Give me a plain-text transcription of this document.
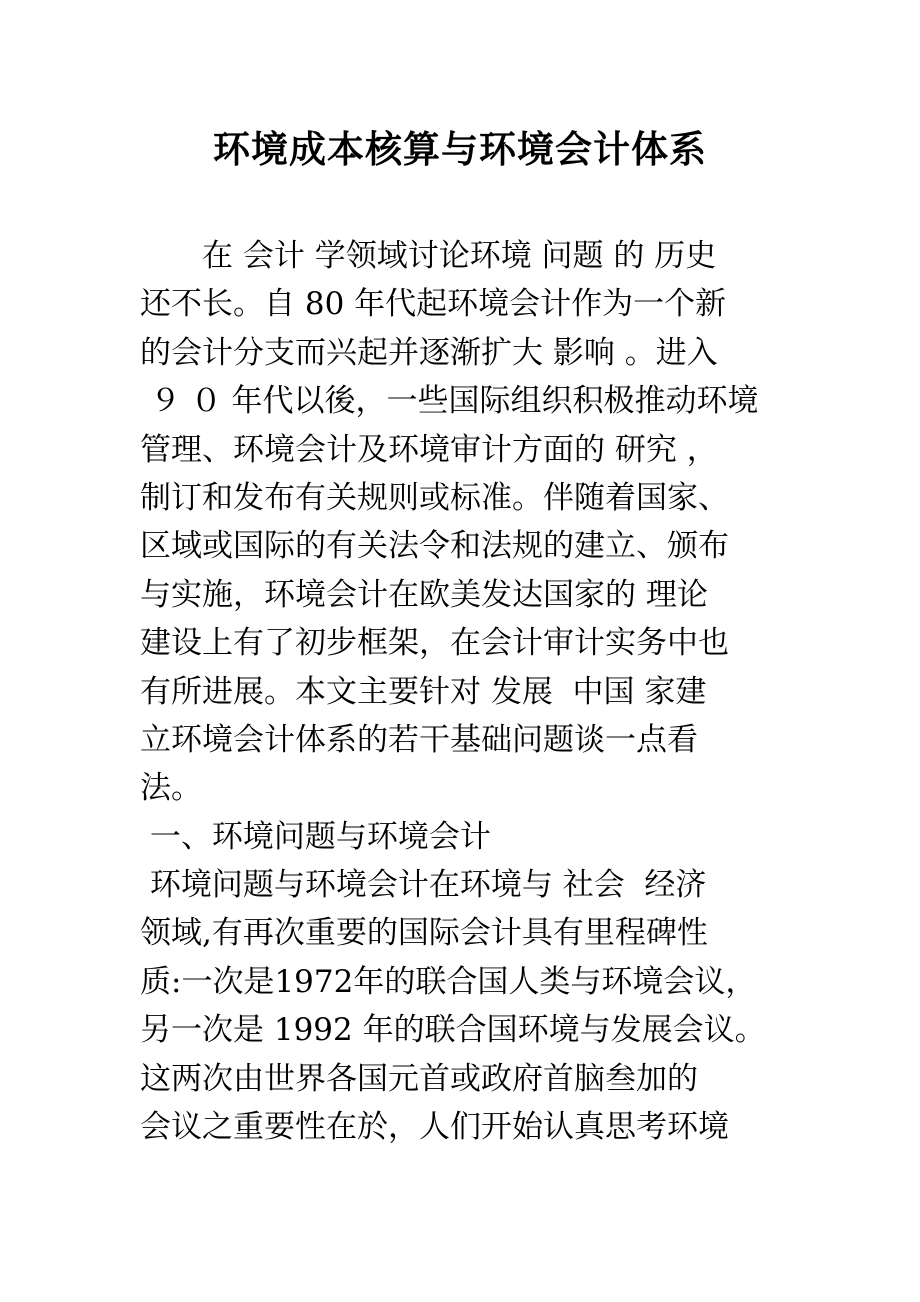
环境成本核算与环境会计体系
　　在 会计 学领域讨论环境 问题 的 历史
还不长。自 80 年代起环境会计作为一个新
的会计分支而兴起并逐渐扩大 影响 。进入
９ ０ 年代以後，一些国际组织积极推动环境
管理、环境会计及环境审计方面的 研究 ，
制订和发布有关规则或标准。伴随着国家、
区域或国际的有关法令和法规的建立、颁布
与实施，环境会计在欧美发达国家的 理论
建设上有了初步框架，在会计审计实务中也
有所进展。本文主要针对 发展  中国 家建
立环境会计体系的若干基础问题谈一点看
法。
一、环境问题与环境会计
环境问题与环境会计在环境与 社会  经济
领域,有再次重要的国际会计具有里程碑性
质:一次是1972年的联合国人类与环境会议，
另一次是 1992 年的联合国环境与发展会议。
这两次由世界各国元首或政府首脑叁加的
会议之重要性在於，人们开始认真思考环境
